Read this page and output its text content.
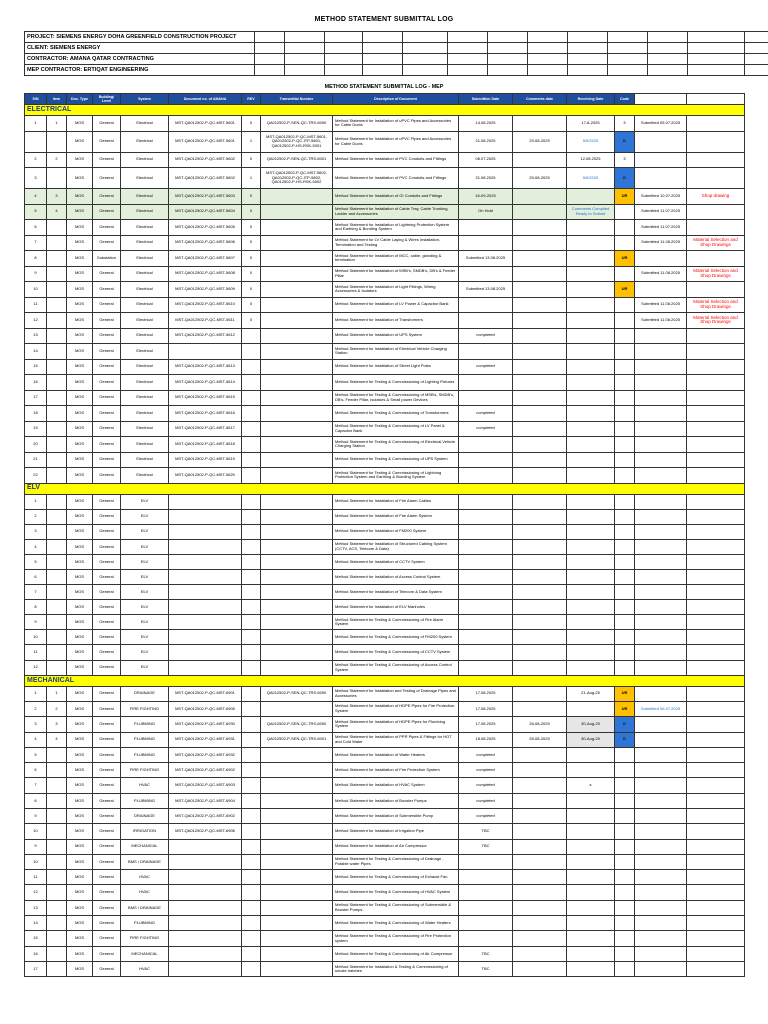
METHOD STATEMENT SUBMITTAL LOG
PROJECT: SIEMENS ENERGY DOHA GREENFIELD CONSTRUCTION PROJECT													
CLIENT: SIEMENS ENERGY													
CONTRACTOR: AMANA QATAR CONTRACTING													
MEP CONTRACTOR: ERTIQAT ENGINEERING													
METHOD STATEMENT SUBMITTAL LOG - MEP
S/N	Item	Doc. Type	Building/ Level	System	Document no. of AMANA	REV	Transmittal Number	Description of Document	Submittion Date	Comments date	Receiving Date	Code		
ELECTRICAL														
1	1	MOS	General	Electrical	MST-QA012502-P-QC-MST-5601	0	QA012502-P-SEN-QC-TRS-6000	Method Statement for Installation of uPVC Pipes and Accessories for Cable Ducts	14.08.2025		17-8-2025	3	Submitted 05.07.2025	
		MOS	General	Electrical	MST-QA012502-P-QC-MST-5601	1	MST-QA012502-P-QC-MST-5601, QA012502-P-QC-ITP-5801, QA012502-P-HS-RSK-5001	Method Statement for Installation of uPVC Pipes and Accessories for Cable Ducts	21.08.2025	25-08-2025	5/9/2025	B		
2	2	MOS	General	Electrical	MST-QA012502-P-QC-MST-5602	0	QA012502-P-SEN-QC-TRS-6001	Method Statement for Installation of PVC Conduits and Fittings	06.07.2025		12.08.2025	3		
3		MOS	General	Electrical	MST-QA012502-P-QC-MST-5602	1	MST-QA012502-P-QC-MST-5602, QA012502-P-QC-ITP-5802, QA012502-P-HS-RSK-5002	Method Statement for Installation of PVC Conduits and Fittings	21.08.2025	25-08-2025	5/9/2025	B		
4	3	MOS	General	Electrical	MST-QA012502-P-QC-MST-5603	0		Method Statement for Installation of GI Conduits and Fittings	16-09-2025			UR	Submitted 10.07.2025	Shop drawing
5	4	MOS	General	Electrical	MST-QA012502-P-QC-MST-5604	0		Method Statement for Installation of Cable Tray, Cable Trunking, Ladder and Accessories	On Hold		Comments Complied Ready to Submit		Submitted 11.07.2025	
6		MOS	General	Electrical	MST-QA012502-P-QC-MST-5605	0		Method Statement for Installation of Lightning Protection System and Earthing & Bonding System					Submitted 11.07.2025	
7		MOS	General	Electrical	MST-QA012502-P-QC-MST-5606	0		Method Statement for LV Cable Laying & Wires Installation, Termination and Testing					Submitted 11.08.2025	Material Selection and Shop Drawings
8		MOS	Substation	Electrical	MST-QA012502-P-QC-MST-5607	0		Method Statement for Installation of MCC, cable, glanding & termination	Submitted 13.08.2025			UR		
9		MOS	General	Electrical	MST-QA012502-P-QC-MST-5608	0		Method Statement for Installation of MSB's, SMDB's, DB's & Feeder Pillar					Submitted 11.08.2025	Material Selection and Shop Drawings
10		MOS	General	Electrical	MST-QA012502-P-QC-MST-5609	0		Method Statement for Installation of Light Fittings, Wiring Accessories & Isolators	Submitted 13.08.2025			UR		
11		MOS	General	Electrical	MST-QA012502-P-QC-MST-5610	0		Method Statement for Installation of LV Power & Capacitor Bank					Submitted 11.08.2025	Material Selection and Shop Drawings
12		MOS	General	Electrical	MST-QA012502-P-QC-MST-5611	0		Method Statement for Installation of Transformers					Submitted 11.08.2025	Material Selection and Shop Drawings
13		MOS	General	Electrical	MST-QA012502-P-QC-MST-5612			Method Statement for Installation of UPS System	completed					
14		MOS	General	Electrical				Method Statement for Installation of Electrical Vehicle Charging Station						
15		MOS	General	Electrical	MST-QA012502-P-QC-MST-5613			Method Statement for Installation of Street Light Poles	completed					
16		MOS	General	Electrical	MST-QA012502-P-QC-MST-5614			Method Statement for Testing & Commissioning of Lighting Fixtures						
17		MOS	General	Electrical	MST-QA012502-P-QC-MST-5615			Method Statement for Testing & Commissioning of MSB's, SMDB's, DB's, Feeder Pillar, Isolators & Small power Devices						
18		MOS	General	Electrical	MST-QA012502-P-QC-MST-5616			Method Statement for Testing & Commissioning of Transformers	completed					
19		MOS	General	Electrical	MST-QA012502-P-QC-MST-5617			Method Statement for Testing & Commissioning of LV Panel & Capacitor Bank	completed					
20		MOS	General	Electrical	MST-QA012502-P-QC-MST-5618			Method Statement for Testing & Commissioning of Electrical Vehicle Charging Station						
21		MOS	General	Electrical	MST-QA012502-P-QC-MST-5619			Method Statement for Testing & Commissioning of UPS System						
22		MOS	General	Electrical	MST-QA012502-P-QC-MST-5620			Method Statement for Testing & Commissioning of Lightning Protection System and Earthing & Bonding System						
ELV														
1		MOS	General	ELV				Method Statement for Installation of Fire Alarm Cables						
2		MOS	General	ELV				Method Statement for Installation of Fire Alarm System						
3		MOS	General	ELV				Method Statement for Installation of FM200 System						
4		MOS	General	ELV				Method Statement for Installation of Structured Cabling System (CCTV, ACS, Telecom & Data)						
5		MOS	General	ELV				Method Statement for Installation of CCTV System						
6		MOS	General	ELV				Method Statement for Installation of Access Control System						
7		MOS	General	ELV				Method Statement for Installation of Telecom & Data System						
8		MOS	General	ELV				Method Statement for Installation of ELV Manholes						
9		MOS	General	ELV				Method Statement for Testing & Commissioning of Fire Alarm System						
10		MOS	General	ELV				Method Statement for Testing & Commissioning of FM200 System						
11		MOS	General	ELV				Method Statement for Testing & Commissioning of CCTV System						
12		MOS	General	ELV				Method Statement for Testing & Commissioning of Access Control System						
MECHANICAL														
1	1	MOS	General	DRAINAGE	MST-QA012502-P-QC-MST-6901		QA012502-P-SEN-QC-TRS-6000	Method Statement for Installation and Testing of Drainage Pipes and Accessories	17.08.2025		21-Aug-25	UR		
2	2	MOS	General	FIRE FIGHTING	MST-QA012502-P-QC-MST-6905			Method Statement for Installation of HDPE Pipes for Fire Protection System	17.08.2025			UR	Submitted 06.07.2025	
3	3	MOS	General	PLUBMING	MST-QA012502-P-QC-MST-6930		QA012502-P-SEN-QC-TRS-6000	Method Statement for Installation of HDPE Pipes for Plumbing System	17.08.2025	28-08-2025	30-Aug-25	B		
4	4	MOS	General	PLUBMING	MST-QA012502-P-QC-MST-6931		QA012502-P-SEN-QC-TRS-6001	Method Statement for Installation of PPR Pipes & Fittings for HOT and Cold Water	18.08.2025	28-08-2025	30-Aug-25	B		
5		MOS	General	PLUBMING	MST-QA012502-P-QC-MST-6932			Method Statement for Installation of Water Heaters	completed					
6		MOS	General	FIRE FIGHTING	MST-QA012502-P-QC-MST-6902			Method Statement for Installation of Fire Protection System	completed					
7		MOS	General	HVAC	MST-QA012502-P-QC-MST-6903			Method Statement for Installation of HVAC System	completed		s			
8		MOS	General	PLUBMING	MST-QA012502-P-QC-MST-6904			Method Statement for Installation of Booster Pumps	completed					
9		MOS	General	DRAINAGE	MST-QA012502-P-QC-MST-6902			Method Statement for Installation of Submersible Pump	completed					
10		MOS	General	IRRIGATION	MST-QA012502-P-QC-MST-6906			Method Statement for Installation of Irrigation Pipe	TBC					
9		MOS	General	MECHANICAL				Method Statement for Installation of Air Compressor	TBC					
10		MOS	General	BMS / DRAINAGE				Method Statement for Testing & Commissioning of Drainage , Potable water Pipes						
11		MOS	General	HVAC				Method Statement for Testing & Commissioning of Exhaust Fan						
12		MOS	General	HVAC				Method Statement for Testing & Commissioning of HVAC System						
13		MOS	General	BMS / DRAINAGE				Method Statement for Testing & Commissioning of Submersible & Booster Pumps						
14		MOS	General	PLUBMING				Method Statement for Testing & Commissioning of Water Heaters						
15		MOS	General	FIRE FIGHTING				Method Statement for Testing & Commissioning of Fire Protection system						
16		MOS	General	MECHANICAL				Method Statement for Testing & Commissioning of Air Compressor	TBC					
17		MOS	General	HVAC				Method Statement for Installation & Testing & Commissioning of smoke hatches	TBC					
